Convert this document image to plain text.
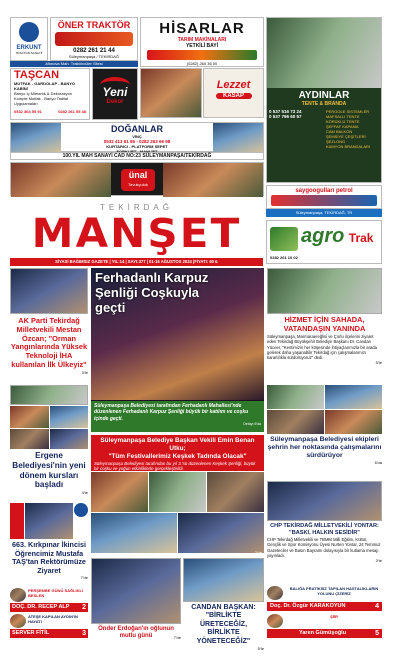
ERKUNT
TRAKTÖR SANAYİİ
ÖNER TRAKTÖR
0282 261 21 44
Süleymanpaşa / TEKİRDAĞ
Altınova Mah. Traktörcüler Sitesi
HİSARLAR
TARIM MAKİNALARI
YETKİLİ BAYİ
(0282) 260 36 00
AYDINLAR
TENTE & BRANDA
0 537 516 73 24
0 537 796 60 57
PERGOLE SİSTEMLER
MAFSALLI TENTE
KÖRÜKLÜ TENTE
ŞEFFAF KAPAMA
CAM BALKON
ŞEMSİYE ÇEŞİTLERİ
ŞEZLONG
KAMYON BRANDALARI
TAŞCAN
MUTFAK - GARDOLAP - BANYO KABİNİ
Banyo İç Mimarlık & Dekorasyon
Komple Mutfak - Banyo Tadilat Uygulamaları
0532 364 55 91	0282 261 55 48
Yeni
Dekor
Lezzet
KASAP
DOĞANLAR
VİNÇ
0532 413 61 66 - 0282 263 66 98
KURTARICI - PLATFORM SEPET
100.YIL MAH SANAYİ CAD NO:23 SÜLEYMANPAŞA/TEKİRDAĞ
ünal
Tavukçuluk
saygoogulları petrol
Süleymanpaşa, TEKİRDAĞ, TR
TEKİRDAĞ
MANŞET
SİYASİ BAĞIMSIZ GAZETE | YIL:14 | SAYI:377 | 01-15 AĞUSTOS 2024 |FİYATI: 60 ₺
agro Trak
0282 261 10 02
AK Parti Tekirdağ Milletvekili Mestan Özcan; "Orman Yangınlarında Yüksek Teknoloji İHA kullanılan İlk Ülkeyiz"
3'te
Ergene Belediyesi'nin yeni dönem kursları başladı
4'te
663. Kırkpınar İkincisi Öğrencimiz Mustafa TAŞ'tan Rektörümüze Ziyaret
7'de
PERŞEMBE GÜNÜ SAĞLIKLI BESLEN
DOÇ. DR. RECEP ALP	2
ATEŞE KAPILAN AYDIN'IN HAYATI
SERVER FİTİL	3
Ferhadanlı Karpuz Şenliği Coşkuyla geçti
Süleymanpaşa Belediyesi tarafından Ferhadanlı Mahallesi'nde düzenlenen Ferhadanlı Karpuz Şenliği büyük bir katılım ve coşku içinde geçti.
Detayı 6'da
Süleymanpaşa Belediye Başkan Vekili Emin Benan Utku;
"Tüm Festivallerimiz Keşkek Tadında Olacak"
Süleymanpaşa Belediyesi tarafından bu yıl 3.'sü düzenlenen Keşkek Şenliği, büyük bir coşku ve yoğun etkinliklerle gerçekleştirildi.
2'de
Önder Erdoğan'ın oğlunun mutlu günü	7'de
CANDAN BAŞKAN: "BİRLİKTE ÜRETECEĞİZ, BİRLİKTE YÖNETECEĞİZ"
5'te
HİZMET İÇİN SAHADA, VATANDAŞIN YANINDA
Süleymanpaşa, Marmaraereğlisi ve Çorlu ilçelerini ziyaret eden Tekirdağ Büyükşehir Belediye Başkanı Dr. Candan Yüceer, "Kentimizin her köşesinde ihtiyaçlarımızla bir arada gelerek daha yaşanabilir Tekirdağ için çalışmalarımızı kararlılıkla sürdürüyoruz" dedi.
5'te
Süleymanpaşa Belediyesi ekipleri şehrin her noktasında çalışmalarını sürdürüyor
6'da
CHP TEKİRDAĞ MİLLETVEKİLİ YONTAR: "BASKI, HALKIN SESİDİR"
CHP Tekirdağ Milletvekili ve TBMM Milli Eğitim, Kültür, Gençlik ve Spor Komisyonu Üyesi Nurten Yontar, 24 Temmuz Gazeteciler ve Basın Bayramı dolayısıyla bir kutlama mesajı yayınladı.
3'te
BALIĞA PRATİKSİZ TAPILAN HASTALIKLARIN YOLUNU ÇİZERİZ
Doç. Dr. Özgür KARAKOYUN	4
ŞİİR
Yaren Gümüşoğlu	5
